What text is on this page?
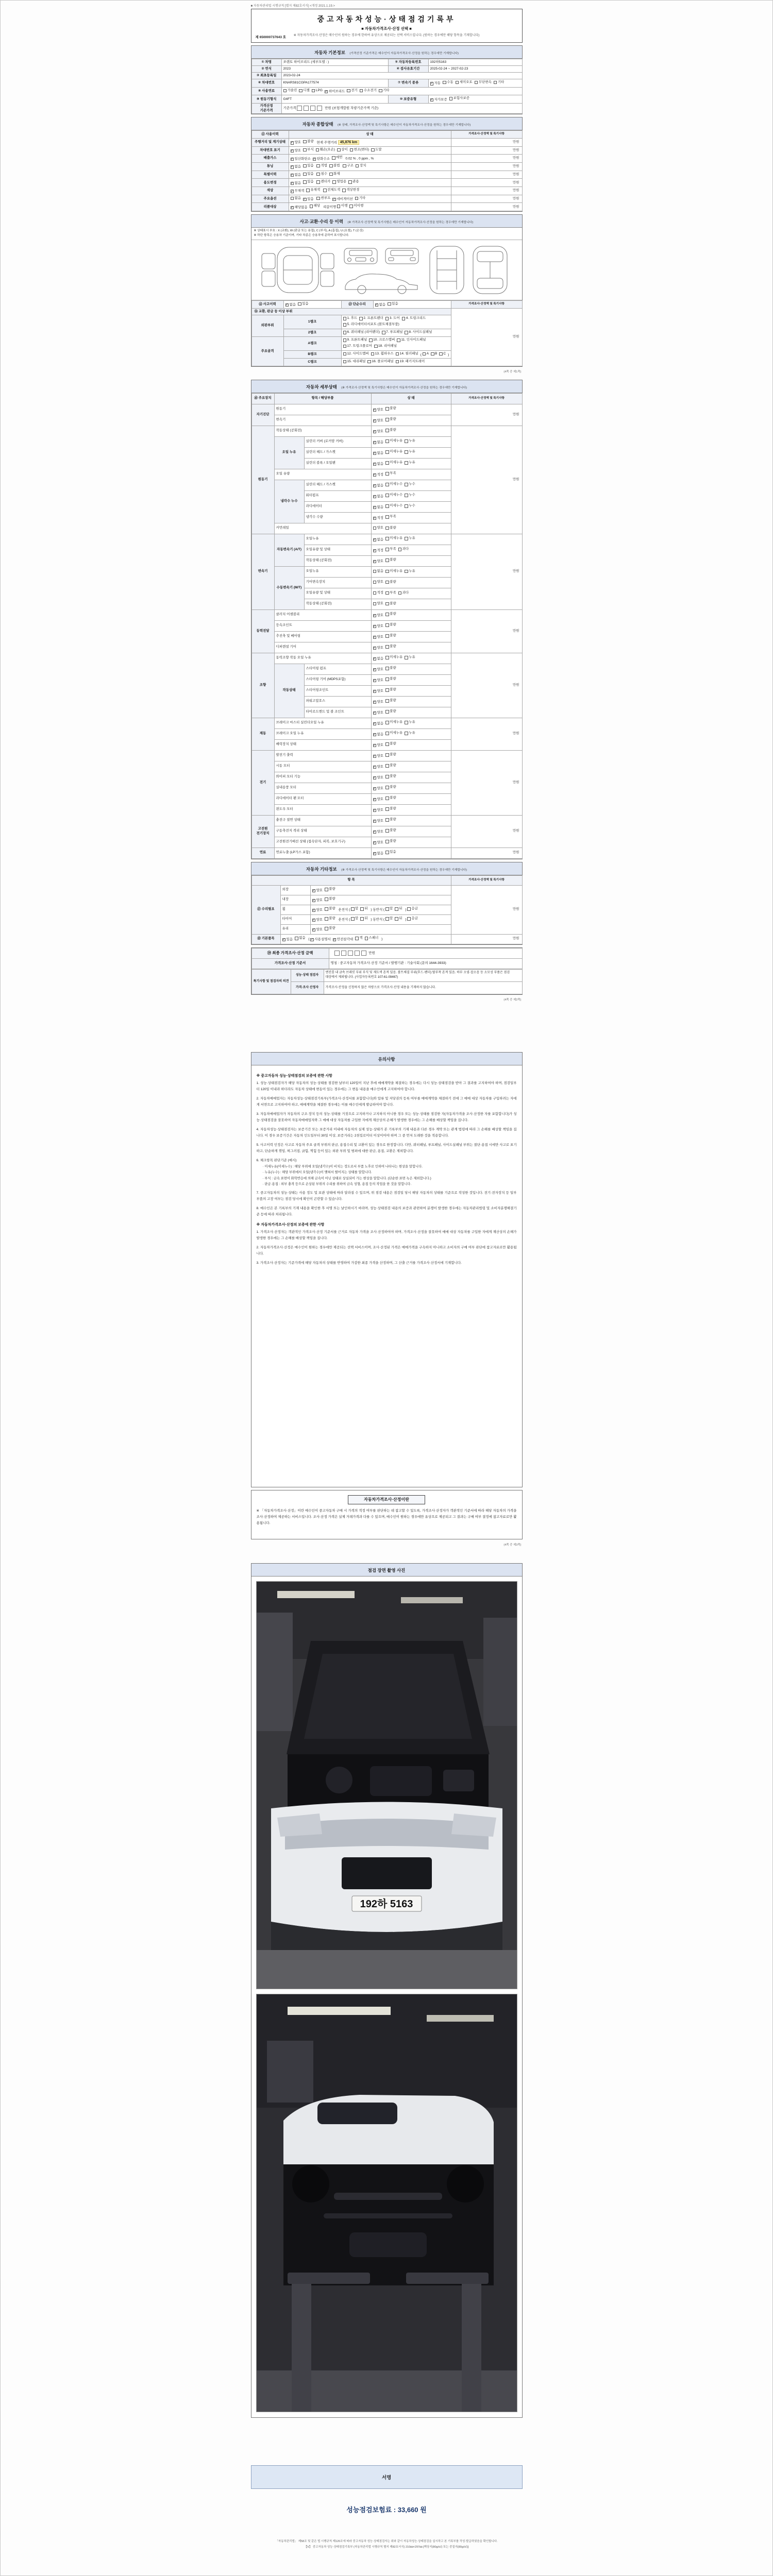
■ 자동차관리법 시행규칙 [별지 제82호서식] <개정 2021.1.19.>
제 650000737643 호
중고자동차성능·상태점검기록부
■ 자동차가격조사·산정 선택 ■
※ 자동차가격조사·산정은 매수인이 원하는 경우에 한하여 유상으로 제공되는 선택 서비스입니다. (원하는 경우에만 해당 항목을 기재합니다)
자동차 기본정보 (가격산정 기준가격은 매수인이 자동차가격조사·산정을 원하는 경우에만 기재합니다)
① 차명	쏘렌토 하이브리드 (세부모델 : )	⑤ 자동차등록번호	192하5163
② 연식	2023	④ 검사유효기간	2025-02-24 ~ 2027-02-23
③ 최초등록일	2023-02-24		
⑥ 차대번호	KNARS81CGPA177574	⑦ 변속기 종류	✓ 자동 수동 세미오토 무단변속 기타

⑧ 사용연료	가솔린 디젤 LPG ✓ 하이브리드 전기 수소전기 기타

⑨ 원동기형식	G4FT	⑩ 보증유형	✓ 자가보증 보험사보증

가격산정 기준가격	기준가격 만원 (보험개발원 차량기준가액 기준)		
자동차 종합상태 (※ 상태, 가격조사·산정액 및 특기사항은 매수인이 자동차가격조사·산정을 원하는 경우에만 기재합니다)
⑪ 사용이력	상 태	가격조사·산정액 및 특기사항
주행거리 및 계기상태	✓ 양호 불량 현재 주행거리 45,876 km	만원
차대번호 표기	✓ 양호 부식 훼손(오손) 상이 변조(변타) 도말	만원
배출가스	✓ 일산화탄소 ✓ 탄화수소 매연 0.02 % , 0 ppm , %	만원
튜닝	✓ 없음 있음
적법 불법
구조 장치	만원
특별이력	✓ 없음 있음
침수 화재	만원
용도변경	✓ 없음 있음
렌터카 영업용 관용	만원
색상	✓ 무채색 유채색
전체도색 색상변경	만원
주요옵션	없음 ✓ 있음
썬루프 ✓ 네비게이션 기타	만원
리콜대상	✓ 해당없음 해당 리콜이행 이행 미이행	만원
사고·교환·수리 등 이력 (※ 가격조사·산정액 및 특기사항은 매수인이 자동차가격조사·산정을 원하는 경우에만 기재합니다)
※ 상태표시 부호 : X (교환), W (판금 또는 용접), C (부식), A (흠집), U (요철), T (손상)
※ 하단 항목은 승용차 기준이며, 기타 차종은 승용차에 준하여 표시합니다.
⑫ 사고이력	✓ 없음 있음	⑬ 단순수리	✓ 없음 있음	가격조사·산정액 및 특기사항
⑭ 교환, 판금 등 이상 부위				만원
외판부위	1랭크	1. 후드 2. 프론트펜더 3. 도어 4. 트렁크리드
5. 라디에이터서포트 (볼트체결부품)		

	2랭크	6. 쿼터패널 (리어펜더) 7. 루프패널 8. 사이드실패널		

주요골격	A랭크	9. 프론트패널 10. 크로스멤버 11. 인사이드패널
17. 트렁크플로어 18. 리어패널		

B랭크	12. 사이드멤버 13. 휠하우스 14. 필러패널 ( A B C )
	C랭크	15. 대쉬패널 16. 플로어패널 19. 패키지트레이		
(4쪽 중 제1쪽)
자동차 세부상태 (※ 가격조사·산정액 및 특기사항은 매수인이 자동차가격조사·산정을 원하는 경우에만 기재합니다)
⑯ 주요장치	항목 / 해당부품		상 태	가격조사·산정액 및 특기사항
자기진단	원동기		✓ 양호 불량	만원
	변속기		✓ 양호 불량	

원동기	작동상태 (공회전)		✓ 양호 불량	만원
	오일 누유	실린더 커버 (로커암 커버)	✓ 없음 미세누유 누유	

		실린더 헤드 / 가스켓	✓ 없음 미세누유 누유	

		실린더 블록 / 오일팬	✓ 없음 미세누유 누유	

	오일 유량		✓ 적정 부족	

	냉각수 누수	실린더 헤드 / 가스켓	✓ 없음 미세누수 누수	

		워터펌프	✓ 없음 미세누수 누수	

		라디에이터	✓ 없음 미세누수 누수	

		냉각수 수량	✓ 적정 부족	

	커먼레일		양호 불량	

변속기	자동변속기 (A/T)	오일누유	✓ 없음 미세누유 누유	만원
		오일유량 및 상태	✓ 적정 부족 과다	

		작동상태 (공회전)	✓ 양호 불량	

	수동변속기 (M/T)	오일누유	없음 미세누유 누유	

		기어변속장치	양호 불량	

		오일유량 및 상태	적정 부족 과다	

		작동상태 (공회전)	양호 불량	

동력전달	클러치 어셈블리		✓ 양호 불량	만원
	등속조인트		✓ 양호 불량	

	추진축 및 베어링		✓ 양호 불량	

	디퍼렌셜 기어		✓ 양호 불량	

조향	동력조향 작동 오일 누유		✓ 없음 미세누유 누유	만원
	작동상태	스티어링 펌프	✓ 양호 불량	

		스티어링 기어 (MDPS포함)	✓ 양호 불량	

		스티어링조인트	✓ 양호 불량	

		파워고압호스	✓ 양호 불량	

		타이로드엔드 및 볼 조인트	✓ 양호 불량	

제동	브레이크 마스터 실린더오일 누유		✓ 없음 미세누유 누유	만원
	브레이크 오일 누유		✓ 없음 미세누유 누유	

	배력장치 상태		✓ 양호 불량	

전기	발전기 출력		✓ 양호 불량	만원
	시동 모터		✓ 양호 불량	

	와이퍼 모터 기능		✓ 양호 불량	

	실내송풍 모터		✓ 양호 불량	

	라디에이터 팬 모터		✓ 양호 불량	

	윈도우 모터		✓ 양호 불량	

고전원 전기장치	충전구 절연 상태		✓ 양호 불량	만원
	구동축전지 격리 상태		✓ 양호 불량	

	고전원전기배선 상태 (접속단자, 피복, 보호기구)		✓ 양호 불량	

연료	연료누출 (LP가스 포함)		✓ 없음 있음	만원
자동차 기타정보 (※ 가격조사·산정액 및 특기사항은 매수인이 자동차가격조사·산정을 원하는 경우에만 기재합니다)
항 목			가격조사·산정액 및 특기사항
⑰ 수리필요	외장	✓ 양호 불량	만원
	내장	✓ 양호 불량	

휠	✓ 양호 불량 운전석 ( 앞 뒤 ) 동반석 ( 앞 뒤 ) 응급

타이어	✓ 양호 불량 운전석 ( 앞 뒤 ) 동반석 ( 앞 뒤 ) 응급

	유리	✓ 양호 불량	

⑱ 기본품목	✓ 있음 없음 ( ✓ 사용설명서 ✓ 안전삼각대 잭 스패너 )	만원
⑲ 최종 가격조사·산정 금액	만원
가격조사·산정 기준서	명칭 : 중고자동차 가격조사·산정 기준서 / 발행기관 : 기술사회 (문의 1644-3933)
특기사항 및 점검자의 의견	성능·상태 점검자	엔진룸 내 금속 브래킷 부위 부식 및 재도색 흔적 있음. 볼트체결 부위(후드·펜더) 탈부착 흔적 있음. 하부 오염·잡소음 등 소모성 부품은 점검 대상에서 제외됩니다. (사업자등록번호 107-61-09467)
	가격·조사 산정자	가격조사·산정을 신청하지 않은 차량으로 가격조사·산정 내용을 기재하지 않습니다.
(4쪽 중 제2쪽)
유의사항
※ 중고자동차 성능·상태점검의 보증에 관한 사항
1. 성능·상태점검자가 해당 자동차의 성능·상태를 점검한 날부터 120일이 지난 후에 매매계약을 체결하는 경우에는 다시 성능·상태점검을 받아 그 결과를 고지하여야 하며, 점검일부터 120일 이내라 하더라도 자동차 상태에 변동이 있는 경우에는 그 변동 내용을 매수인에게 고지하여야 합니다.
2. 자동차매매업자는 자동차성능·상태점검기록부(가격조사·산정서를 포함합니다)와 압류 및 저당권의 등록 여부를 매매계약을 체결하기 전에 그 매매 대상 자동차를 구입하려는 자에게 서면으로 고지하여야 하고, 매매계약을 체결한 경우에는 이를 매수인에게 발급하여야 합니다.
3. 자동차매매업자가 자동차의 구조·장치 등의 성능·상태를 거짓으로 고지하거나 고지하지 아니한 경우 또는 성능·상태를 점검한 자(자동차가격을 조사·산정한 자를 포함합니다)가 성능·상태점검을 잘못하여 자동차매매업자와 그 매매 대상 자동차를 구입한 자에게 재산상의 손해가 발생한 경우에는 그 손해를 배상할 책임을 집니다.
4. 자동차성능·상태점검자는 보증기간 또는 보증거리 이내에 자동차의 실제 성능·상태가 본 기록부의 기재 내용과 다른 경우 계약 또는 관계 법령에 따라 그 손해를 배상할 책임을 집니다. 이 경우 보증기간은 자동차 인도일부터 30일 이상, 보증거리는 2천킬로미터 이상이어야 하며 그 중 먼저 도래한 것을 적용합니다.
5. 사고이력 인정은 사고로 자동차 주요 골격 부위의 판금, 용접수리 및 교환이 있는 경우로 한정합니다. 다만, 쿼터패널, 루프패널, 사이드실패널 부위는 절단·용접 시에만 사고로 표기하고, 단순하게 꺾임, 찌그러짐, 긁힘, 찍힘 등이 있는 외판 부위 및 범퍼에 대한 판금, 용접, 교환은 제외합니다.
6. 체크항목 판단기준 (예시)
· 미세누유(미세누수) : 해당 부위에 오일(냉각수)이 비치는 정도로서 부품 노후로 인하여 나타나는 현상을 말합니다.
· 누유(누수) : 해당 부위에서 오일(냉각수)이 맺혀서 떨어지는 상태를 말합니다.
· 부식 : 금속 표면이 화학반응에 의해 금속이 아닌 상태로 상실되어 가는 현상을 말합니다. (단순한 표면 녹은 제외합니다.)
· 판금·용접 : 외부 충격 등으로 손상된 부위의 수리를 위하여 금속 성형, 용접 등의 작업을 한 것을 말합니다.
7. 중고자동차의 성능·상태는 사용 정도 및 보관 상태에 따라 달라질 수 있으며, 위 점검 내용은 점검일 당시 해당 자동차의 상태를 기준으로 작성한 것입니다. 전기·전자장치 등 일부 부품의 고장 여부는 점검 당시에 확인이 곤란할 수 있습니다.
8. 매수인은 본 기록부의 기재 내용을 확인한 후 서명 또는 날인하시기 바라며, 성능·상태점검 내용의 보증과 관련하여 분쟁이 발생한 경우에는 자동차관리법령 및 소비자분쟁해결기준 등에 따라 처리됩니다.
※ 자동차가격조사·산정의 보증에 관한 사항
1. 가격조사·산정자는 객관적인 가격조사·산정 기준서를 근거로 자동차 가격을 조사·산정하여야 하며, 가격조사·산정을 잘못하여 매매 대상 자동차를 구입한 자에게 재산상의 손해가 발생한 경우에는 그 손해를 배상할 책임을 집니다.
2. 자동차가격조사·산정은 매수인이 원하는 경우에만 제공되는 선택 서비스이며, 조사·산정된 가격은 매매가격을 구속하지 아니하고 소비자의 구매 여부 판단에 참고자료로만 활용됩니다.
3. 가격조사·산정자는 기준가격에 해당 자동차의 상태를 반영하여 가감한 최종 가격을 산정하며, 그 산출 근거를 가격조사·산정서에 기재합니다.
자동차가격조사·산정이란
※ 「자동차가격조사·산정」이란 매수인이 중고자동차 구매 시 가격의 적정 여부를 판단하는 데 참고할 수 있도록, 가격조사·산정자가 객관적인 기준서에 따라 해당 자동차의 가격을 조사·산정하여 제공하는 서비스입니다. 조사·산정 가격은 실제 거래가격과 다를 수 있으며, 매수인이 원하는 경우에만 유상으로 제공되고 그 결과는 구매 여부 결정에 참고자료로만 활용됩니다.
(4쪽 중 제3쪽)
점검 장면 촬영 사진
192하 5163
서명
성능점검보험료 : 33,660 원
「자동차관리법」 제58조 및 같은 법 시행규칙 제120조에 따라 중고자동차 성능·상태점검자는 위와 같이 자동차성능·상태점검을 실시하고 본 기록부를 작성·발급하였음을 확인합니다.
【Ⅴ】 중고자동차 성능·상태점검기록부 (자동차관리법 시행규칙 별지 제82호서식) 210㎜×297㎜ [백상지(80g/㎡) 또는 중질지(80g/㎡)]
